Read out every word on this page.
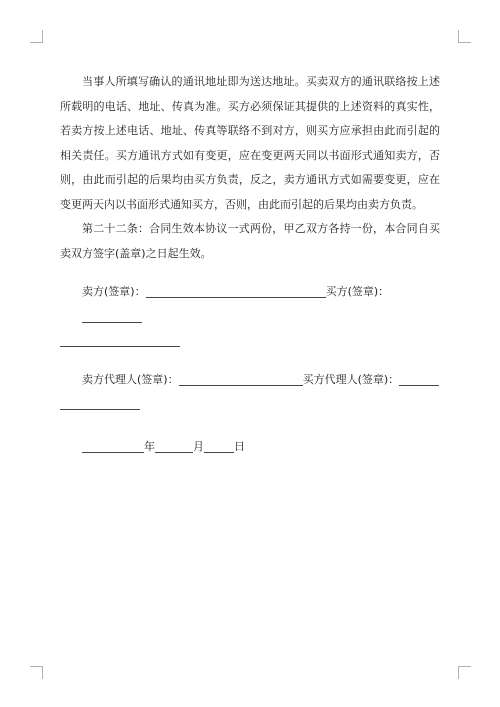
当事人所填写确认的通讯地址即为送达地址。买卖双方的通讯联络按上述所载明的电话、地址、传真为准。买方必须保证其提供的上述资料的真实性，若卖方按上述电话、地址、传真等联络不到对方，则买方应承担由此而引起的相关责任。买方通讯方式如有变更，应在变更两天同以书面形式通知卖方，否则，由此而引起的后果均由买方负责，反之，卖方通讯方式如需要变更，应在变更两天内以书面形式通知买方，否则，由此而引起的后果均由卖方负责。

第二十二条：合同生效本协议一式两份，甲乙双方各持一份，本合同自买卖双方签字(盖章)之日起生效。

卖方(签章)：	买方(签章)：

卖方代理人(签章)：	买方代理人(签章)：

年	月	日
